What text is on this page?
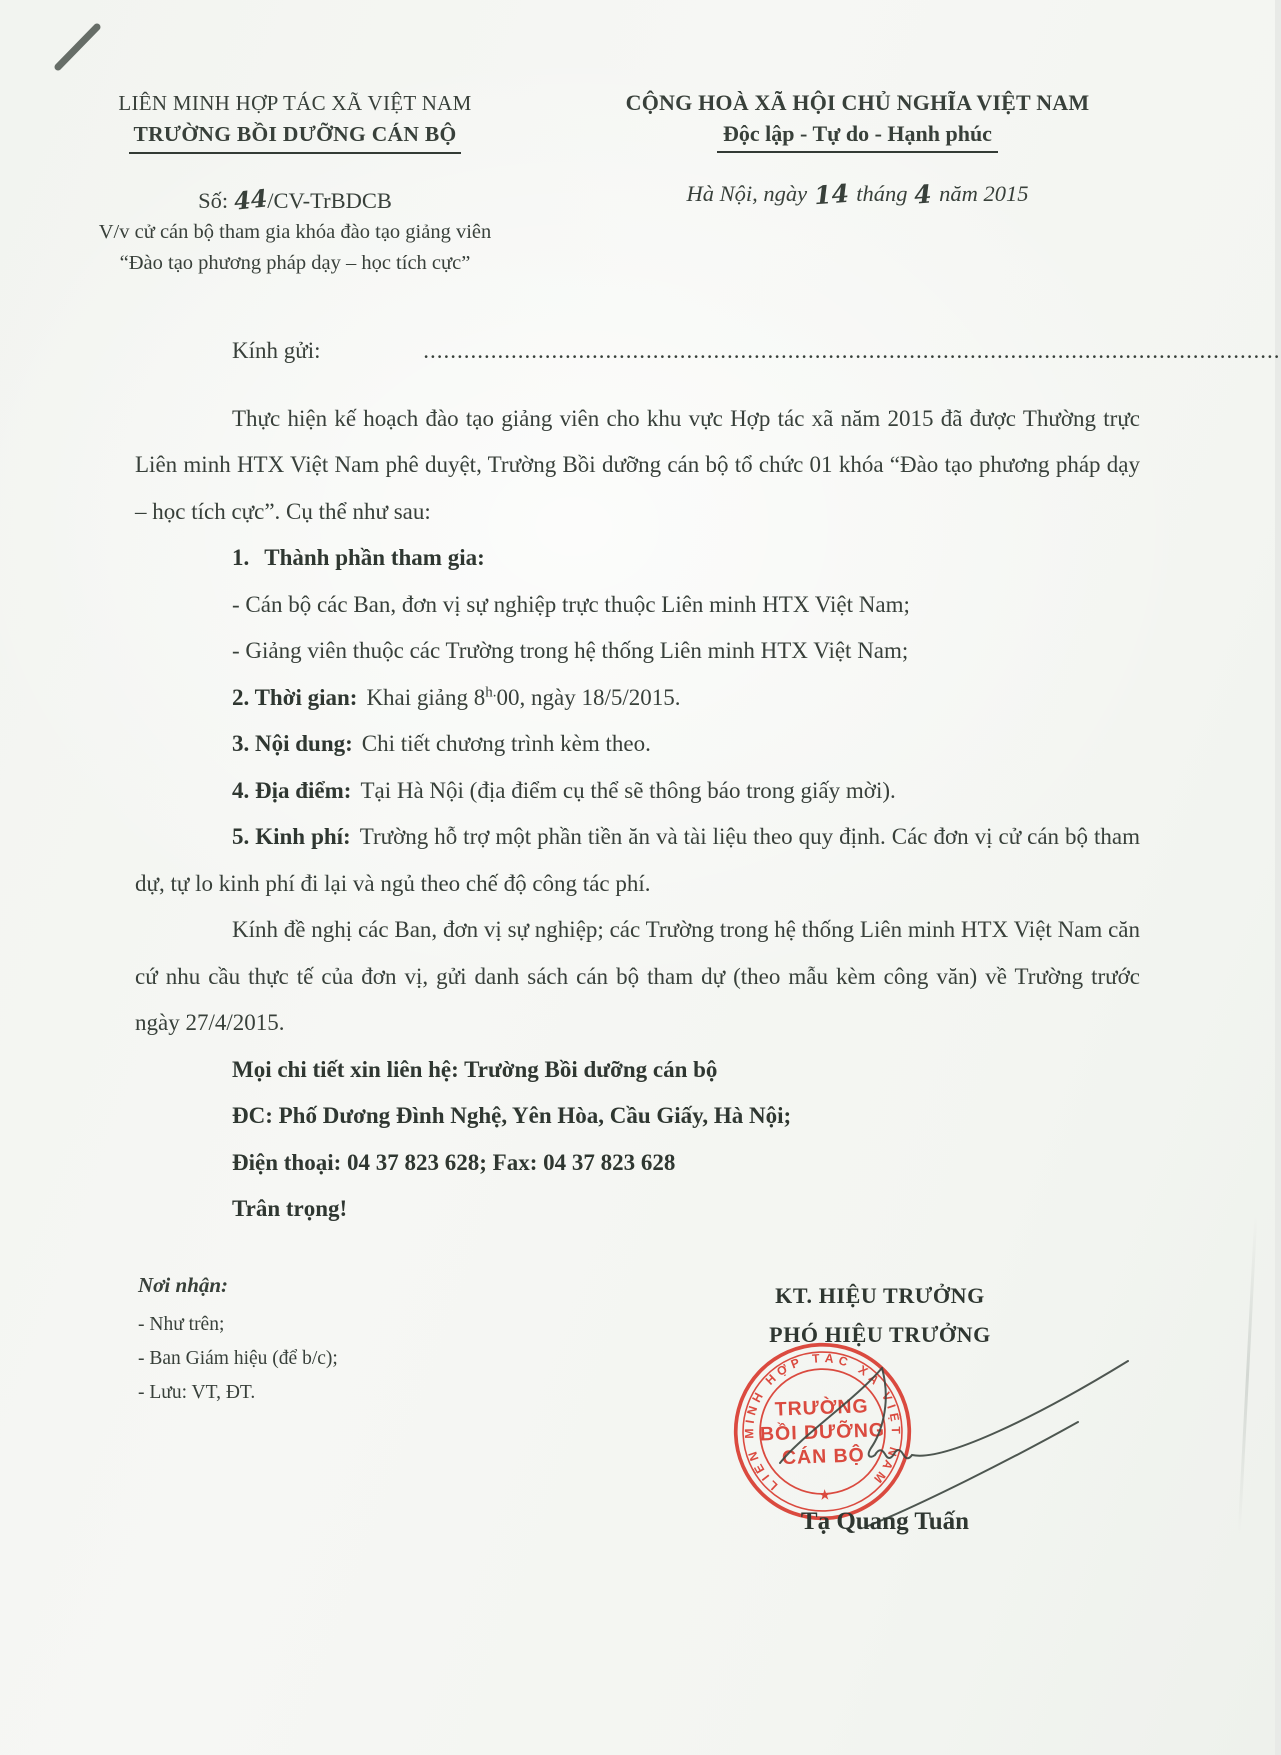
LIÊN MINH HỢP TÁC XÃ VIỆT NAM
TRƯỜNG BỒI DƯỠNG CÁN BỘ
CỘNG HOÀ XÃ HỘI CHỦ NGHĨA VIỆT NAM
Độc lập - Tự do - Hạnh phúc
Số: 44/CV-TrBDCB
V/v cử cán bộ tham gia khóa đào tạo giảng viên
“Đào tạo phương pháp dạy – học tích cực”
Hà Nội, ngày 14 tháng 4 năm 2015

Kính gửi:	...............................................................................................................................

Thực hiện kế hoạch đào tạo giảng viên cho khu vực Hợp tác xã năm 2015 đã được Thường trực Liên minh HTX Việt Nam phê duyệt, Trường Bồi dưỡng cán bộ tổ chức 01 khóa “Đào tạo phương pháp dạy – học tích cực”. Cụ thể như sau:

1. Thành phần tham gia:

- Cán bộ các Ban, đơn vị sự nghiệp trực thuộc Liên minh HTX Việt Nam;

- Giảng viên thuộc các Trường trong hệ thống Liên minh HTX Việt Nam;

2. Thời gian: Khai giảng $8^{h.}00$, ngày 18/5/2015.

3. Nội dung: Chi tiết chương trình kèm theo.

4. Địa điểm: Tại Hà Nội (địa điểm cụ thể sẽ thông báo trong giấy mời).

5. Kinh phí: Trường hỗ trợ một phần tiền ăn và tài liệu theo quy định. Các đơn vị cử cán bộ tham dự, tự lo kinh phí đi lại và ngủ theo chế độ công tác phí.

Kính đề nghị các Ban, đơn vị sự nghiệp; các Trường trong hệ thống Liên minh HTX Việt Nam căn cứ nhu cầu thực tế của đơn vị, gửi danh sách cán bộ tham dự (theo mẫu kèm công văn) về Trường trước ngày 27/4/2015.

Mọi chi tiết xin liên hệ: Trường Bồi dưỡng cán bộ

ĐC: Phố Dương Đình Nghệ, Yên Hòa, Cầu Giấy, Hà Nội;

Điện thoại: 04 37 823 628; Fax: 04 37 823 628

Trân trọng!

Nơi nhận:
- Như trên;
- Ban Giám hiệu (để b/c);
- Lưu: VT, ĐT.
KT. HIỆU TRƯỞNG
PHÓ HIỆU TRƯỞNG
LIÊN MINH HỢP TÁC XÃ VIỆT NAM
★
TRƯỜNG
BỒI DƯỠNG
CÁN BỘ
Tạ Quang Tuấn
